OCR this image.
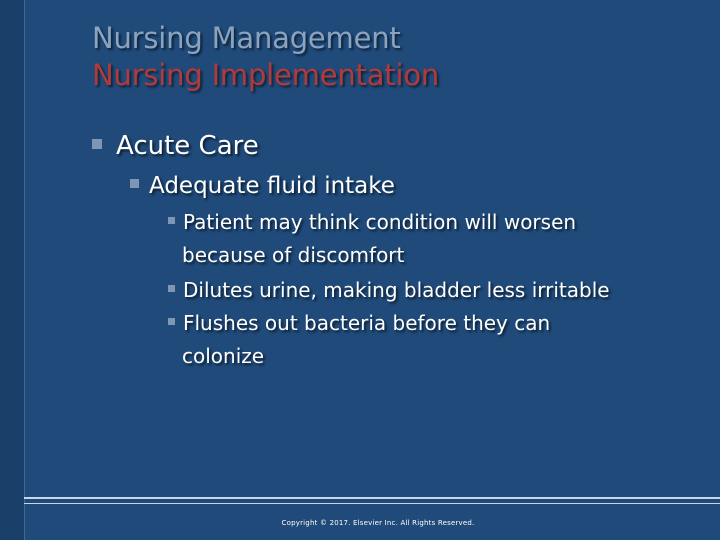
Nursing Management
Nursing Implementation
Acute Care
Adequate fluid intake
Patient may think condition will worsen
because of discomfort
Dilutes urine, making bladder less irritable
Flushes out bacteria before they can
colonize
Copyright © 2017. Elsevier Inc. All Rights Reserved.
